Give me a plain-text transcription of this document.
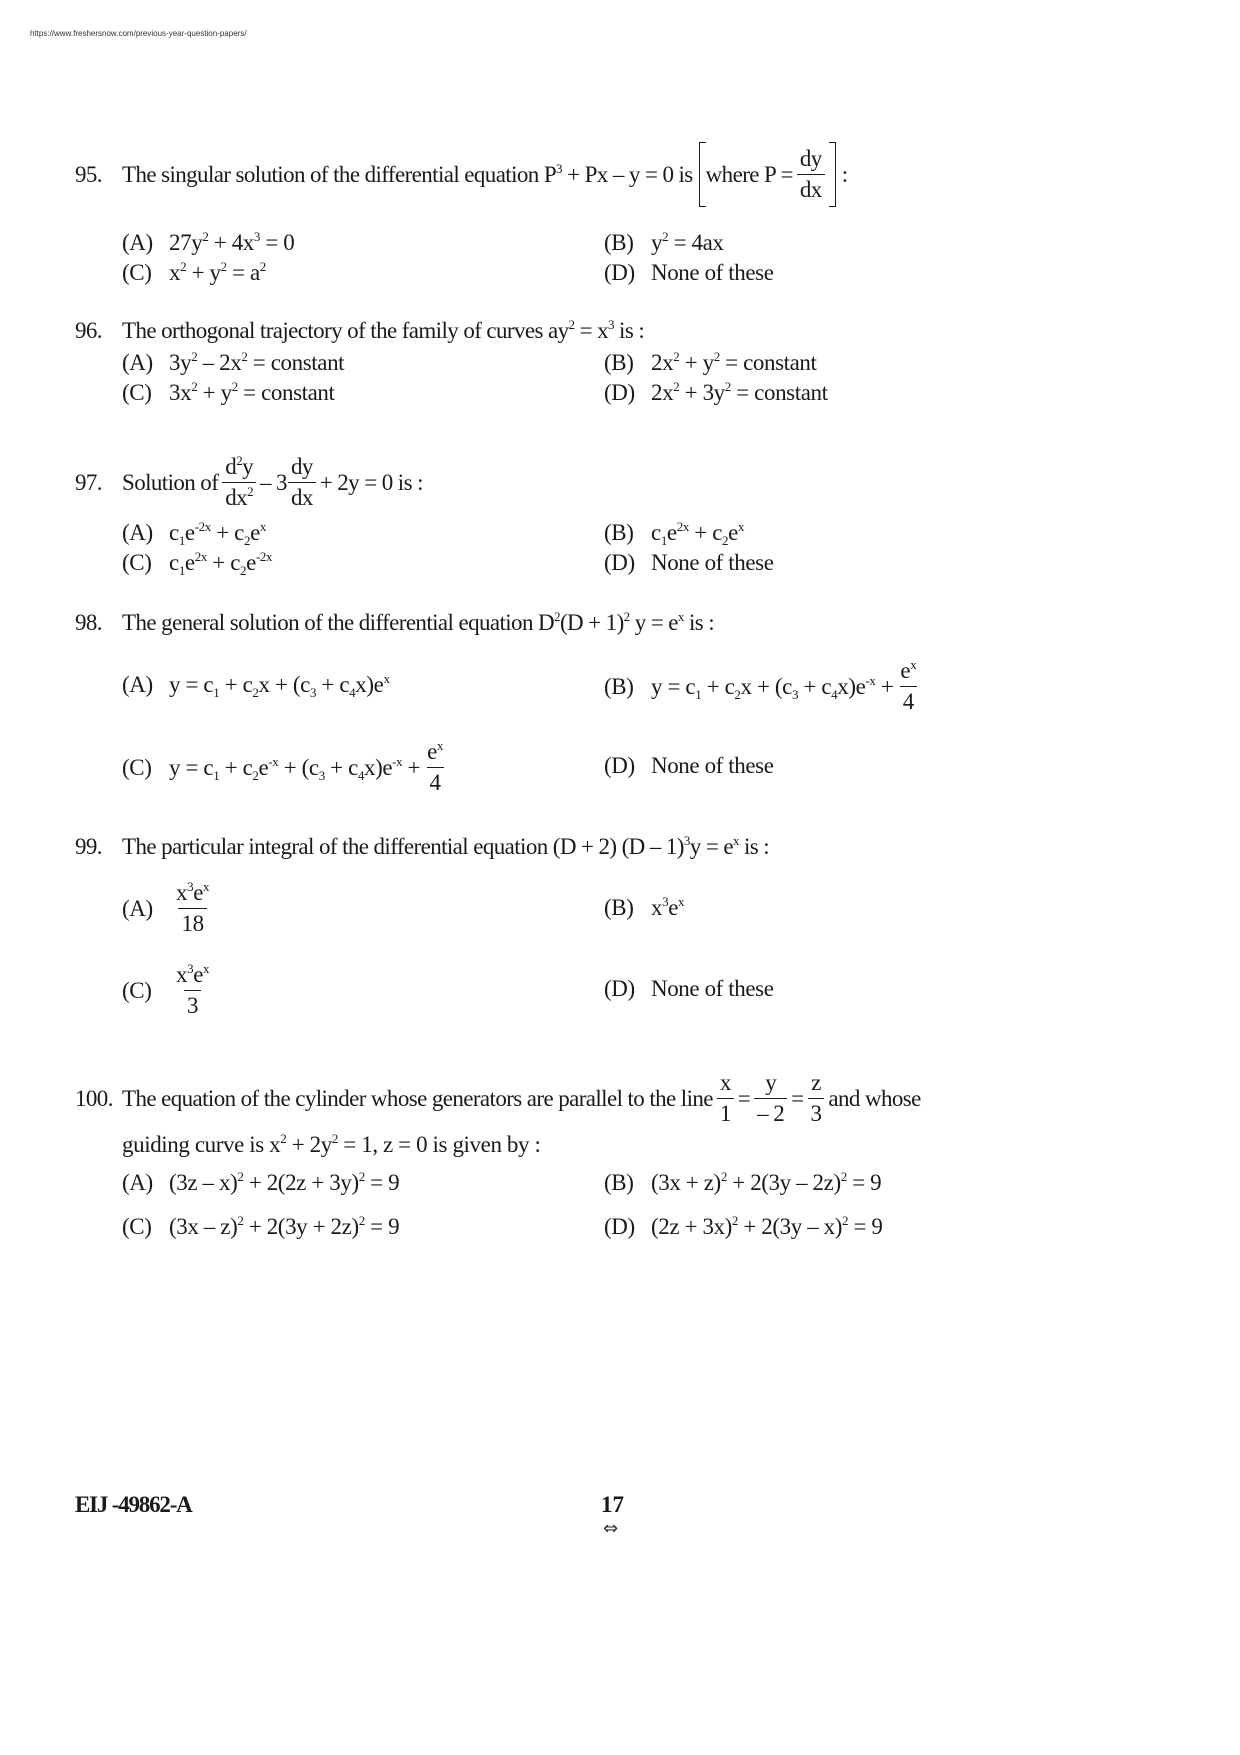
https://www.freshersnow.com/previous-year-question-papers/
95. The singular solution of the differential equation $P^3 + Px - y = 0$ is where $P = \frac{dy}{dx}$ :
(A) $27y^2 + 4x^3 = 0$	(B) $y^2 = 4ax$
(C) $x^2 + y^2 = a^2$	(D) None of these
96. The orthogonal trajectory of the family of curves $ay^2 = x^3$ is :
(A) $3y^2 - 2x^2$ = constant	(B) $2x^2 + y^2$ = constant
(C) $3x^2 + y^2$ = constant	(D) $2x^2 + 3y^2$ = constant
97. Solution of $\frac{d^2y}{dx^2} - 3 \frac{dy}{dx} + 2y = 0$ is :
(A) $c_1e^{-2x} + c_2e^x$	(B) $c_1e^{2x} + c_2e^x$
(C) $c_1e^{2x} + c_2e^{-2x}$	(D) None of these
98. The general solution of the differential equation $D^2(D + 1)^2$ $y = e^x$ is :
(A) $y = c_1 + c_2x + (c_3 + c_4x)e^x$	(B) $y = c_1 + c_2x + (c_3 + c_4x)e^{-x} + \frac{e^x}{4}$
(C) $y = c_1 + c_2e^{-x} + (c_3 + c_4x)e^{-x} + \frac{e^x}{4}$	(D) None of these
99. The particular integral of the differential equation (D + 2) $(D - 1)^3y = e^x$ is :
$(A) \frac{x^3e^x}{18}$	(B) $x^3e^x$
$(C) \frac{x^3e^x}{3}$	(D) None of these
100. The equation of the cylinder whose generators are parallel to the line $\frac{x}{1} = \frac{y}{- 2} = \frac{z}{3}$ and whose
guiding curve is $x^2 + 2y^2 = 1$, z = 0 is given by :
(A) $(3z - x)^2 + 2(2z + 3y)^2 = 9$	(B) $(3x + z)^2 + 2(3y - 2z)^2 = 9$
(C) $(3x - z)^2 + 2(3y + 2z)^2 = 9$	(D) $(2z + 3x)^2 + 2(3y - x)^2 = 9$
EIJ -49862-A	17
⇔
